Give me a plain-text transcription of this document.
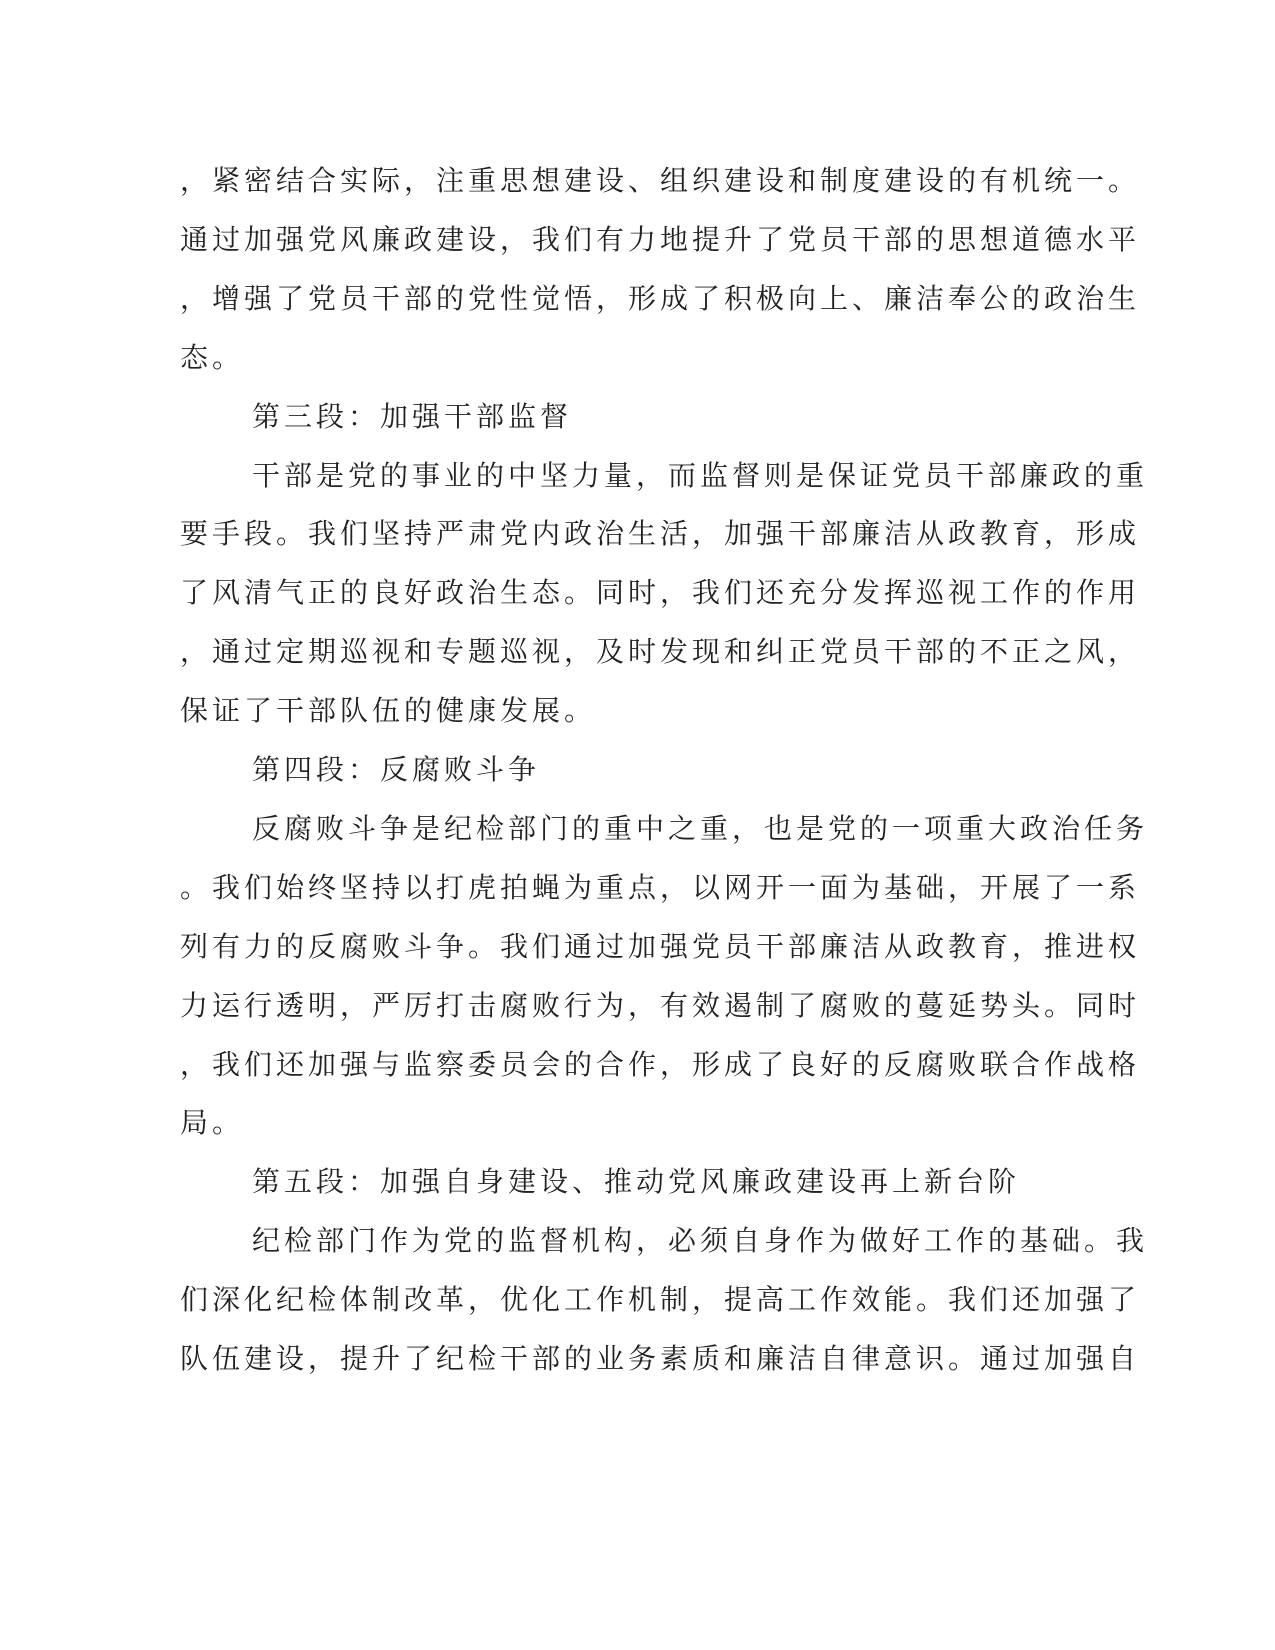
，紧密结合实际，注重思想建设、组织建设和制度建设的有机统一。
通过加强党风廉政建设，我们有力地提升了党员干部的思想道德水平
，增强了党员干部的党性觉悟，形成了积极向上、廉洁奉公的政治生
态。
第三段：加强干部监督
干部是党的事业的中坚力量，而监督则是保证党员干部廉政的重
要手段。我们坚持严肃党内政治生活，加强干部廉洁从政教育，形成
了风清气正的良好政治生态。同时，我们还充分发挥巡视工作的作用
，通过定期巡视和专题巡视，及时发现和纠正党员干部的不正之风，
保证了干部队伍的健康发展。
第四段：反腐败斗争
反腐败斗争是纪检部门的重中之重，也是党的一项重大政治任务
。我们始终坚持以打虎拍蝇为重点，以网开一面为基础，开展了一系
列有力的反腐败斗争。我们通过加强党员干部廉洁从政教育，推进权
力运行透明，严厉打击腐败行为，有效遏制了腐败的蔓延势头。同时
，我们还加强与监察委员会的合作，形成了良好的反腐败联合作战格
局。
第五段：加强自身建设、推动党风廉政建设再上新台阶
纪检部门作为党的监督机构，必须自身作为做好工作的基础。我
们深化纪检体制改革，优化工作机制，提高工作效能。我们还加强了
队伍建设，提升了纪检干部的业务素质和廉洁自律意识。通过加强自
